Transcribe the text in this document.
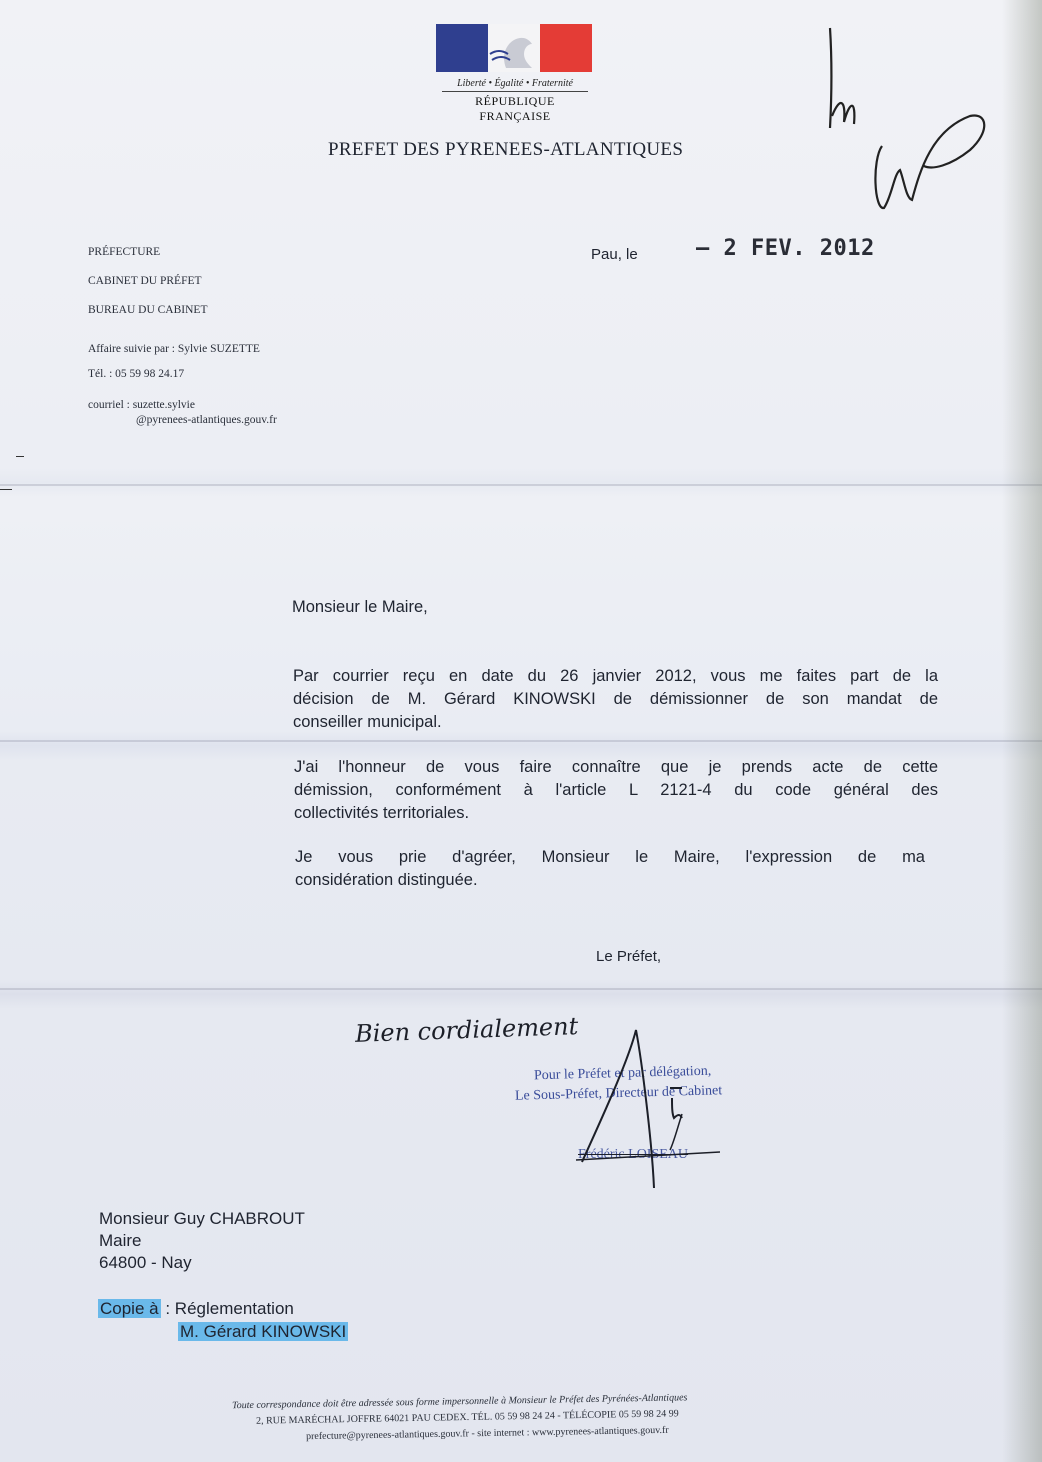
Liberté • Égalité • Fraternité
RÉPUBLIQUE FRANÇAISE
PREFET DES PYRENEES-ATLANTIQUES
PRÉFECTURE
CABINET DU PRÉFET
BUREAU DU CABINET
Affaire suivie par : Sylvie SUZETTE
Tél. : 05 59 98 24.17
courriel : suzette.sylvie
@pyrenees-atlantiques.gouv.fr
Pau, le	– 2 FEV. 2012
Monsieur le Maire,
Par courrier reçu en date du 26 janvier 2012, vous me faites part de la
décision de M. Gérard KINOWSKI de démissionner de son mandat de
conseiller municipal.
J'ai l'honneur de vous faire connaître que je prends acte de cette
démission, conformément à l'article L 2121-4 du code général des
collectivités territoriales.
Je vous prie d'agréer, Monsieur le Maire, l'expression de ma
considération distinguée.
Le Préfet,
Bien cordialement
Pour le Préfet et par délégation,
Le Sous-Préfet, Directeur de Cabinet
Frédéric LOISEAU
Monsieur Guy CHABROUT
Maire
64800 - Nay
Copie à : Réglementation
M. Gérard KINOWSKI
Toute correspondance doit être adressée sous forme impersonnelle à Monsieur le Préfet des Pyrénées-Atlantiques
2, RUE MARÉCHAL JOFFRE 64021 PAU CEDEX. TÉL. 05 59 98 24 24 - TÉLÉCOPIE 05 59 98 24 99
prefecture@pyrenees-atlantiques.gouv.fr - site internet : www.pyrenees-atlantiques.gouv.fr
